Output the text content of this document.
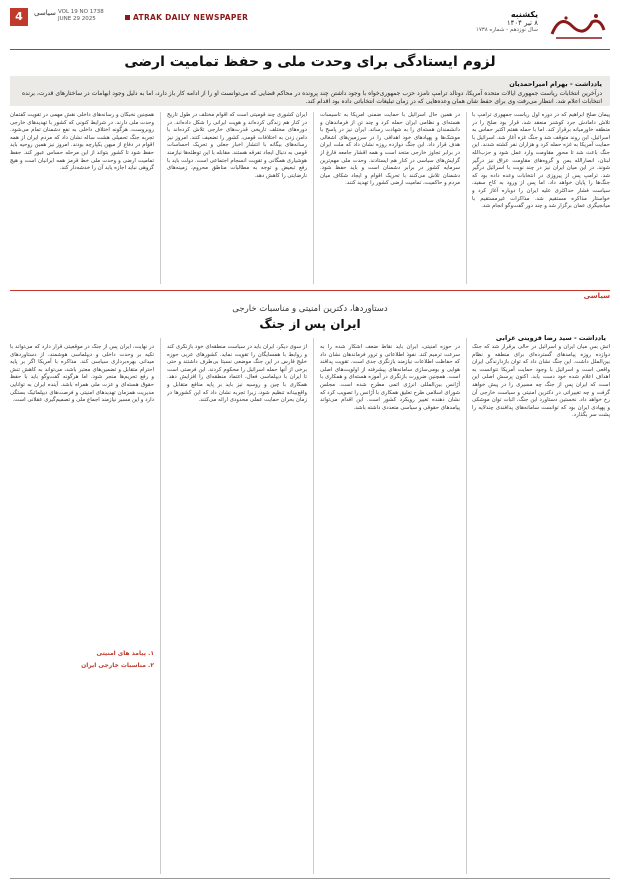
4	سیاسی VOL 19 NO 1738
JUNE 29 2025	ATRAK DAILY NEWSPAPER	یکشنبه
۸ تیر ۱۴۰۴
سال نوزدهم - شماره ۱۷۳۸
لزوم ایستادگی برای وحدت ملی و حفظ تمامیت ارضی
یادداشت - بهرام امیراحمدیان
درآخرین انتخابات ریاست جمهوری ایالات متحده آمریکا، دونالد ترامپ نامزد حزب جمهوری‌خواه با وجود داشتن چند پرونده در محاکم قضایی که می‌توانست او را از ادامه کار باز دارد، اما به دلیل وجود ابهامات در ساختارهای قدرت، برنده انتخابات اعلام شد. انتظار می‌رفت وی برای حفظ شان همان وعده‌هایی که در زمان تبلیغات انتخاباتی داده بود اقدام کند.
پیمان صلح ابراهیم که در دوره اول ریاست جمهوری ترامپ با تلاش دامادش جرد کوشنر منعقد شد، قرار بود صلح را در منطقه خاورمیانه برقرار کند. اما با حمله هفتم اکتبر حماس به اسرائیل، این روند متوقف شد و جنگ غزه آغاز شد. اسرائیل با حمایت آمریکا به غزه حمله کرد و هزاران نفر کشته شدند. این جنگ باعث شد تا محور مقاومت وارد عمل شود و حزب‌الله لبنان، انصارالله یمن و گروه‌های مقاومت عراق نیز درگیر شوند. در این میان ایران نیز در چند نوبت با اسرائیل درگیر شد. ترامپ پس از پیروزی در انتخابات وعده داده بود که جنگ‌ها را پایان خواهد داد. اما پس از ورود به کاخ سفید، سیاست فشار حداکثری علیه ایران را دوباره آغاز کرد و خواستار مذاکره مستقیم شد. مذاکرات غیرمستقیم با میانجیگری عمان برگزار شد و چند دور گفت‌وگو انجام شد.
در همین حال اسرائیل با حمایت ضمنی آمریکا به تاسیسات هسته‌ای و نظامی ایران حمله کرد و چند تن از فرماندهان و دانشمندان هسته‌ای را به شهادت رساند. ایران نیز در پاسخ با موشک‌ها و پهپادهای خود اهدافی را در سرزمین‌های اشغالی هدف قرار داد. این جنگ دوازده روزه نشان داد که ملت ایران در برابر تجاوز خارجی متحد است و همه اقشار جامعه فارغ از گرایش‌های سیاسی در کنار هم ایستادند. وحدت ملی مهم‌ترین سرمایه کشور در برابر دشمنان است و باید حفظ شود. دشمنان تلاش می‌کنند با تحریک اقوام و ایجاد شکاف میان مردم و حاکمیت، تمامیت ارضی کشور را تهدید کنند.
ایران کشوری چند قومیتی است که اقوام مختلف در طول تاریخ در کنار هم زندگی کرده‌اند و هویت ایرانی را شکل داده‌اند. در دوره‌های مختلف تاریخی قدرت‌های خارجی تلاش کرده‌اند با دامن زدن به اختلافات قومی، کشور را تضعیف کنند. امروز نیز رسانه‌های بیگانه با انتشار اخبار جعلی و تحریک احساسات قومی به دنبال ایجاد تفرقه هستند. مقابله با این توطئه‌ها نیازمند هوشیاری همگانی و تقویت انسجام اجتماعی است. دولت باید با رفع تبعیض و توجه به مطالبات مناطق محروم، زمینه‌های نارضایتی را کاهش دهد.
همچنین نخبگان و رسانه‌های داخلی نقش مهمی در تقویت گفتمان وحدت ملی دارند. در شرایط کنونی که کشور با تهدیدهای خارجی روبروست، هرگونه اختلاف داخلی به نفع دشمنان تمام می‌شود. تجربه جنگ تحمیلی هشت ساله نشان داد که مردم ایران از همه اقوام در دفاع از میهن یکپارچه بودند. امروز نیز همین روحیه باید حفظ شود تا کشور بتواند از این مرحله حساس عبور کند. حفظ تمامیت ارضی و وحدت ملی خط قرمز همه ایرانیان است و هیچ گروهی نباید اجازه یابد آن را خدشه‌دار کند.
سیاسی
دستاوردها، دکترین امنیتی و مناسبات خارجی
ایران پس از جنگ
یادداشت - سید رضا قزوینی غرابی
آتش بس میان ایران و اسرائیل در حالی برقرار شد که جنگ دوازده روزه پیامدهای گسترده‌ای برای منطقه و نظام بین‌الملل داشت. این جنگ نشان داد که توان بازدارندگی ایران واقعی است و اسرائیل با وجود حمایت آمریکا نتوانست به اهداف اعلام شده خود دست یابد. اکنون پرسش اصلی این است که ایران پس از جنگ چه مسیری را در پیش خواهد گرفت و چه تغییراتی در دکترین امنیتی و سیاست خارجی آن رخ خواهد داد. نخستین دستاورد این جنگ، اثبات توان موشکی و پهپادی ایران بود که توانست سامانه‌های پدافندی چندلایه را پشت سر بگذارد.
در حوزه امنیتی، ایران باید نقاط ضعف آشکار شده را به سرعت ترمیم کند. نفوذ اطلاعاتی و ترور فرماندهان نشان داد که حفاظت اطلاعات نیازمند بازنگری جدی است. تقویت پدافند هوایی و بومی‌سازی سامانه‌های پیشرفته از اولویت‌های اصلی است. همچنین ضرورت بازنگری در آموزه هسته‌ای و همکاری با آژانس بین‌المللی انرژی اتمی مطرح شده است. مجلس شورای اسلامی طرح تعلیق همکاری با آژانس را تصویب کرد که نشان دهنده تغییر رویکرد کشور است. این اقدام می‌تواند پیامدهای حقوقی و سیاسی متعددی داشته باشد.
از سوی دیگر، ایران باید در سیاست منطقه‌ای خود بازنگری کند و روابط با همسایگان را تقویت نماید. کشورهای عربی حوزه خلیج فارس در این جنگ موضعی نسبتا بی‌طرف داشتند و حتی برخی از آنها حمله اسرائیل را محکوم کردند. این فرصتی است تا ایران با دیپلماسی فعال، اعتماد منطقه‌ای را افزایش دهد. همکاری با چین و روسیه نیز باید بر پایه منافع متقابل و واقع‌بینانه تنظیم شود، زیرا تجربه نشان داد که این کشورها در زمان بحران حمایت عملی محدودی ارائه می‌کنند.
در نهایت، ایران پس از جنگ در موقعیتی قرار دارد که می‌تواند با تکیه بر وحدت داخلی و دیپلماسی هوشمند، از دستاوردهای میدانی بهره‌برداری سیاسی کند. مذاکره با آمریکا اگر بر پایه احترام متقابل و تضمین‌های معتبر باشد، می‌تواند به کاهش تنش و رفع تحریم‌ها منجر شود. اما هرگونه گفت‌وگو باید با حفظ حقوق هسته‌ای و عزت ملی همراه باشد. آینده ایران به توانایی مدیریت همزمان تهدیدهای امنیتی و فرصت‌های دیپلماتیک بستگی دارد و این مسیر نیازمند اجماع ملی و تصمیم‌گیری عقلانی است.
۱. پیامد های امنیتی
۲. مناسبات خارجی ایران
